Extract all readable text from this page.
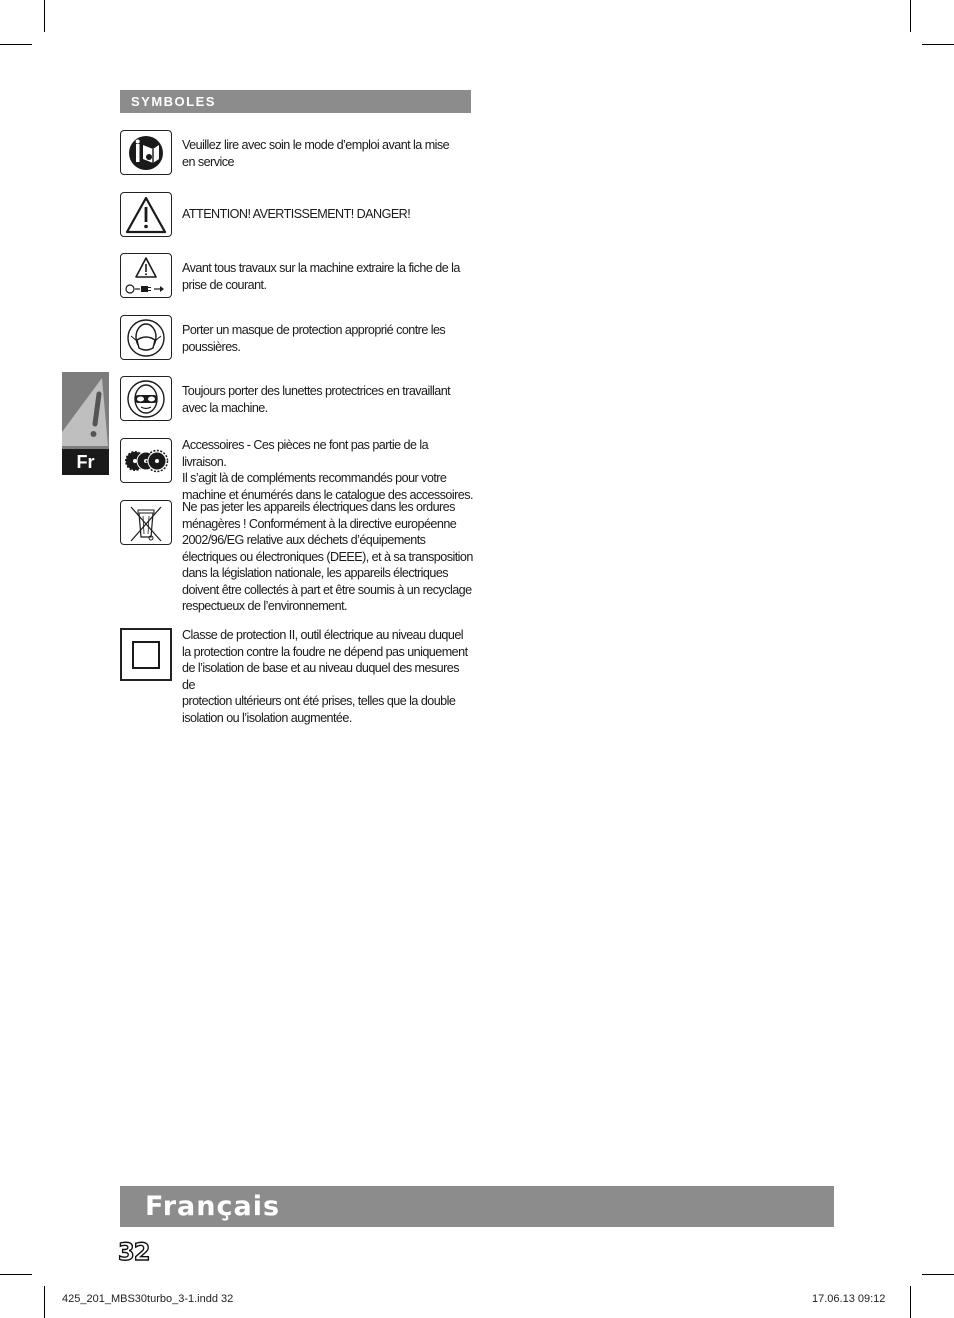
SYMBOLES
Veuillez lire avec soin le mode d’emploi avant la mise
en service
ATTENTION! AVERTISSEMENT! DANGER!
Avant tous travaux sur la machine extraire la fiche de la
prise de courant.
Porter un masque de protection approprié contre les
poussières.
Toujours porter des lunettes protectrices en travaillant
avec la machine.
Accessoires - Ces pièces ne font pas partie de la livraison.
Il s’agit là de compléments recommandés pour votre
machine et énumérés dans le catalogue des accessoires.
Ne pas jeter les appareils électriques dans les ordures
ménagères ! Conformément à la directive européenne
2002/96/EG relative aux déchets d’équipements
électriques ou électroniques (DEEE), et à sa transposition
dans la législation nationale, les appareils électriques
doivent être collectés à part et être soumis à un recyclage
respectueux de l’environnement.
Classe de protection II, outil électrique au niveau duquel
la protection contre la foudre ne dépend pas uniquement
de l’isolation de base et au niveau duquel des mesures de
protection ultérieurs ont été prises, telles que la double
isolation ou l’isolation augmentée.
Fr
Français
32
425_201_MBS30turbo_3-1.indd 32	17.06.13 09:12
